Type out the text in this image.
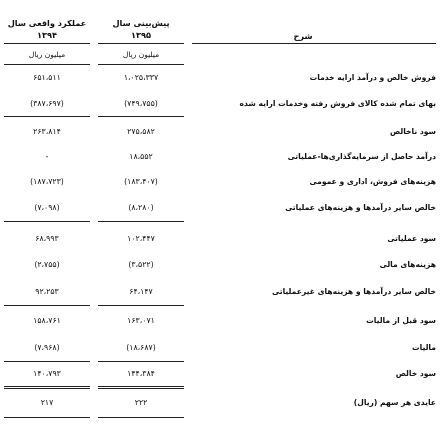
عملکرد واقعی سال
۱۳۹۴
پیش‌بینی سال
۱۳۹۵	شرح
میلیون ریال	میلیون ریال
۶۵۱،۵۱۱	۱،۰۲۵،۳۳۷	فروش خالص و درآمد ارایه خدمات
(۳۸۷،۶۹۷)	(۷۴۹،۷۵۵)	بهای تمام شده کالای فروش رفته وخدمات ارایه شده
۲۶۳،۸۱۴	۲۷۵،۵۸۲	سود ناخالص
-	۱۸،۵۵۲	درآمد حاصل از سرمایه‌گذاری‌ها-عملیاتی
(۱۸۷،۷۲۳)	(۱۸۳،۴۰۷)	هزینه‌های فروش، اداری و عمومی
(۷،۰۹۸)	(۸،۲۸۰)	خالص سایر درآمدها و هزینه‌های عملیاتی
۶۸،۹۹۳	۱۰۲،۴۴۷	سود عملیاتی
(۲،۷۵۵)	(۳،۵۲۲)	هزینه‌های مالی
۹۲،۲۵۳	۶۴،۱۴۷	خالص سایر درآمدها و هزینه‌های غیرعملیاتی
۱۵۸،۷۶۱	۱۶۳،۰۷۱	سود قبل از مالیات
(۷،۹۶۸)	(۱۸،۶۸۷)	مالیات
۱۴۰،۷۹۳	۱۴۴،۳۸۴	سود خالص
۲۱۷	۲۲۲	عایدی هر سهم (ریال)
